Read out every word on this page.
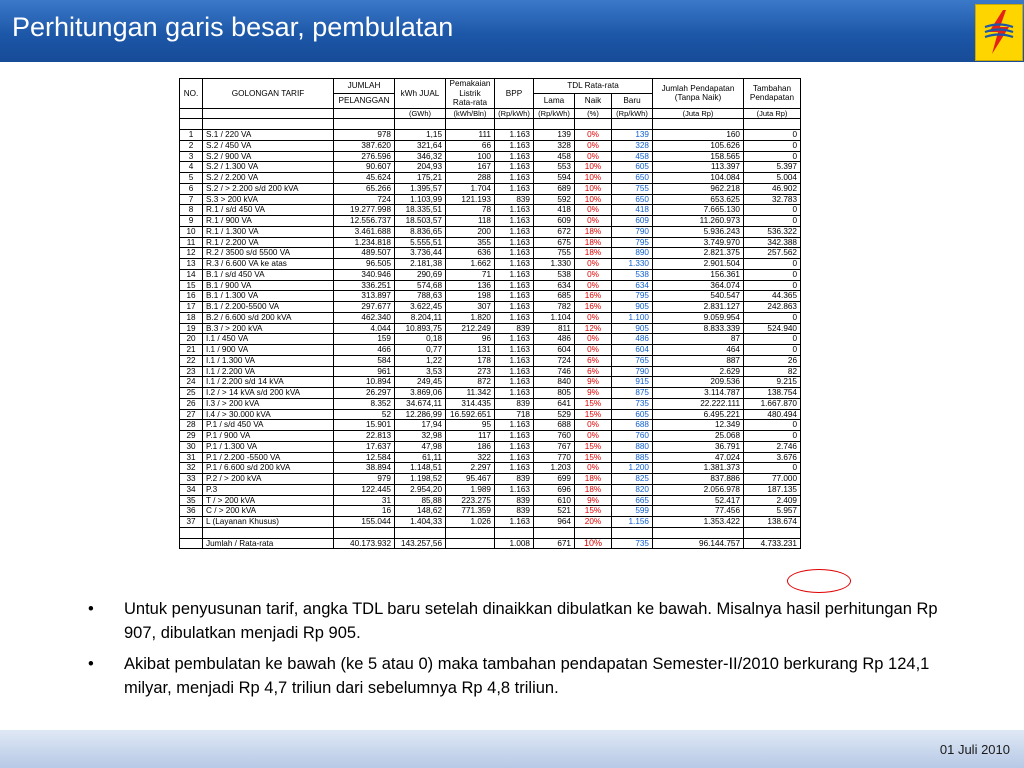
Perhitungan garis besar, pembulatan
NO.	GOLONGAN TARIF	JUMLAH	kWh JUAL	Pemakaian
Listrik
Rata-rata	BPP	TDL Rata-rata			Jumlah Pendapatan
(Tanpa Naik)	Tambahan
Pendapatan
		PELANGGAN				Lama	Naik	Baru		
			(GWh)	(kWh/Bln)	(Rp/kWh)	(Rp/kWh)	(%)	(Rp/kWh)	(Juta Rp)	(Juta Rp)

1	S.1 / 220 VA	978	1,15	111	1.163	139	0%	139	160	0
2	S.2 / 450 VA	387.620	321,64	66	1.163	328	0%	328	105.626	0
3	S.2 / 900 VA	276.596	346,32	100	1.163	458	0%	458	158.565	0
4	S.2 / 1.300 VA	90.607	204,93	167	1.163	553	10%	605	113.397	5.397
5	S.2 / 2.200 VA	45.624	175,21	288	1.163	594	10%	650	104.084	5.004
6	S.2 / > 2.200 s/d 200 kVA	65.266	1.395,57	1.704	1.163	689	10%	755	962.218	46.902
7	S.3 > 200 kVA	724	1.103,99	121.193	839	592	10%	650	653.625	32.783
8	R.1 / s/d 450 VA	19.277.998	18.335,51	78	1.163	418	0%	418	7.665.130	0
9	R.1 / 900 VA	12.556.737	18.503,57	118	1.163	609	0%	609	11.260.973	0
10	R.1 / 1.300 VA	3.461.688	8.836,65	200	1.163	672	18%	790	5.936.243	536.322
11	R.1 / 2.200 VA	1.234.818	5.555,51	355	1.163	675	18%	795	3.749.970	342.388
12	R.2 / 3500 s/d 5500 VA	489.507	3.736,44	636	1.163	755	18%	890	2.821.375	257.562
13	R.3 / 6.600 VA ke atas	96.505	2.181,38	1.662	1.163	1.330	0%	1.330	2.901.504	0
14	B.1 / s/d 450 VA	340.946	290,69	71	1.163	538	0%	538	156.361	0
15	B.1 / 900 VA	336.251	574,68	136	1.163	634	0%	634	364.074	0
16	B.1 / 1.300 VA	313.897	788,63	198	1.163	685	16%	795	540.547	44.365
17	B.1 / 2.200-5500 VA	297.677	3.622,45	307	1.163	782	16%	905	2.831.127	242.863
18	B.2 / 6.600 s/d 200 kVA	462.340	8.204,11	1.820	1.163	1.104	0%	1.100	9.059.954	0
19	B.3 / > 200 kVA	4.044	10.893,75	212.249	839	811	12%	905	8.833.339	524.940
20	I.1 / 450 VA	159	0,18	96	1.163	486	0%	486	87	0
21	I.1 / 900 VA	466	0,77	131	1.163	604	0%	604	464	0
22	I.1 / 1.300 VA	584	1,22	178	1.163	724	6%	765	887	26
23	I.1 / 2.200 VA	961	3,53	273	1.163	746	6%	790	2.629	82
24	I.1 / 2.200 s/d 14 kVA	10.894	249,45	872	1.163	840	9%	915	209.536	9.215
25	I.2 / > 14 kVA s/d 200 kVA	26.297	3.869,06	11.342	1.163	805	9%	875	3.114.787	138.754
26	I.3 / > 200 kVA	8.352	34.674,11	314.435	839	641	15%	735	22.222.111	1.667.870
27	I.4 / > 30.000 kVA	52	12.286,99	16.592.651	718	529	15%	605	6.495.221	480.494
28	P.1 / s/d 450 VA	15.901	17,94	95	1.163	688	0%	688	12.349	0
29	P.1 / 900 VA	22.813	32,98	117	1.163	760	0%	760	25.068	0
30	P.1 / 1.300 VA	17.637	47,98	186	1.163	767	15%	880	36.791	2.746
31	P.1 / 2.200 -5500 VA	12.584	61,11	322	1.163	770	15%	885	47.024	3.676
32	P.1 / 6.600 s/d 200 kVA	38.894	1.148,51	2.297	1.163	1.203	0%	1.200	1.381.373	0
33	P.2 / > 200 kVA	979	1.198,52	95.467	839	699	18%	825	837.886	77.000
34	P.3	122.445	2.954,20	1.989	1.163	696	18%	820	2.056.978	187.135
35	T / > 200 kVA	31	85,88	223.275	839	610	9%	665	52.417	2.409
36	C / > 200 kVA	16	148,62	771.359	839	521	15%	599	77.456	5.957
37	L (Layanan Khusus)	155.044	1.404,33	1.026	1.163	964	20%	1.156	1.353.422	138.674

	Jumlah / Rata-rata	40.173.932	143.257,56		1.008	671	10%	735	96.144.757	4.733.231
• Untuk penyusunan tarif, angka TDL baru setelah dinaikkan dibulatkan ke bawah. Misalnya hasil perhitungan Rp 907, dibulatkan menjadi Rp 905.
• Akibat pembulatan ke bawah (ke 5 atau 0) maka tambahan pendapatan Semester-II/2010 berkurang Rp 124,1 milyar, menjadi Rp 4,7 triliun dari sebelumnya Rp 4,8 triliun.
01 Juli 2010
